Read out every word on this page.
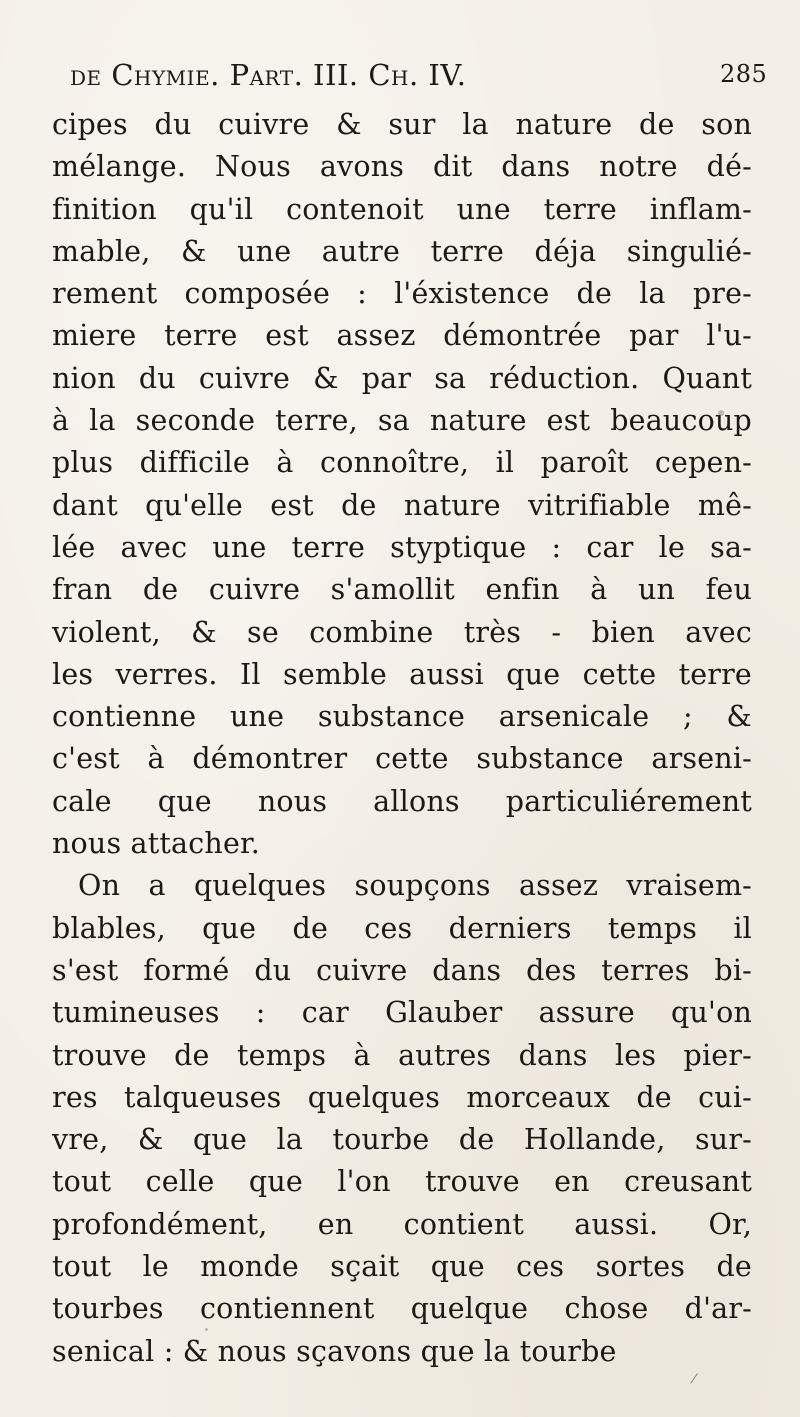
de Chymie. Part. III. Ch. IV.	285
cipes du cuivre & sur la nature de son
mélange. Nous avons dit dans notre dé-
finition qu'il contenoit une terre inflam-
mable, & une autre terre déja singulié-
rement composée : l'éxistence de la pre-
miere terre est assez démontrée par l'u-
nion du cuivre & par sa réduction. Quant
à la seconde terre, sa nature est beaucoup
plus difficile à connoître, il paroît cepen-
dant qu'elle est de nature vitrifiable mê-
lée avec une terre styptique : car le sa-
fran de cuivre s'amollit enfin à un feu
violent, & se combine très - bien avec
les verres. Il semble aussi que cette terre
contienne une substance arsenicale ; &
c'est à démontrer cette substance arseni-
cale que nous allons particuliérement
nous attacher.
On a quelques soupçons assez vraisem-
blables, que de ces derniers temps il
s'est formé du cuivre dans des terres bi-
tumineuses : car Glauber assure qu'on
trouve de temps à autres dans les pier-
res talqueuses quelques morceaux de cui-
vre, & que la tourbe de Hollande, sur-
tout celle que l'on trouve en creusant
profondément, en contient aussi. Or,
tout le monde sçait que ces sortes de
tourbes contiennent quelque chose d'ar-
senical : & nous sçavons que la tourbe
